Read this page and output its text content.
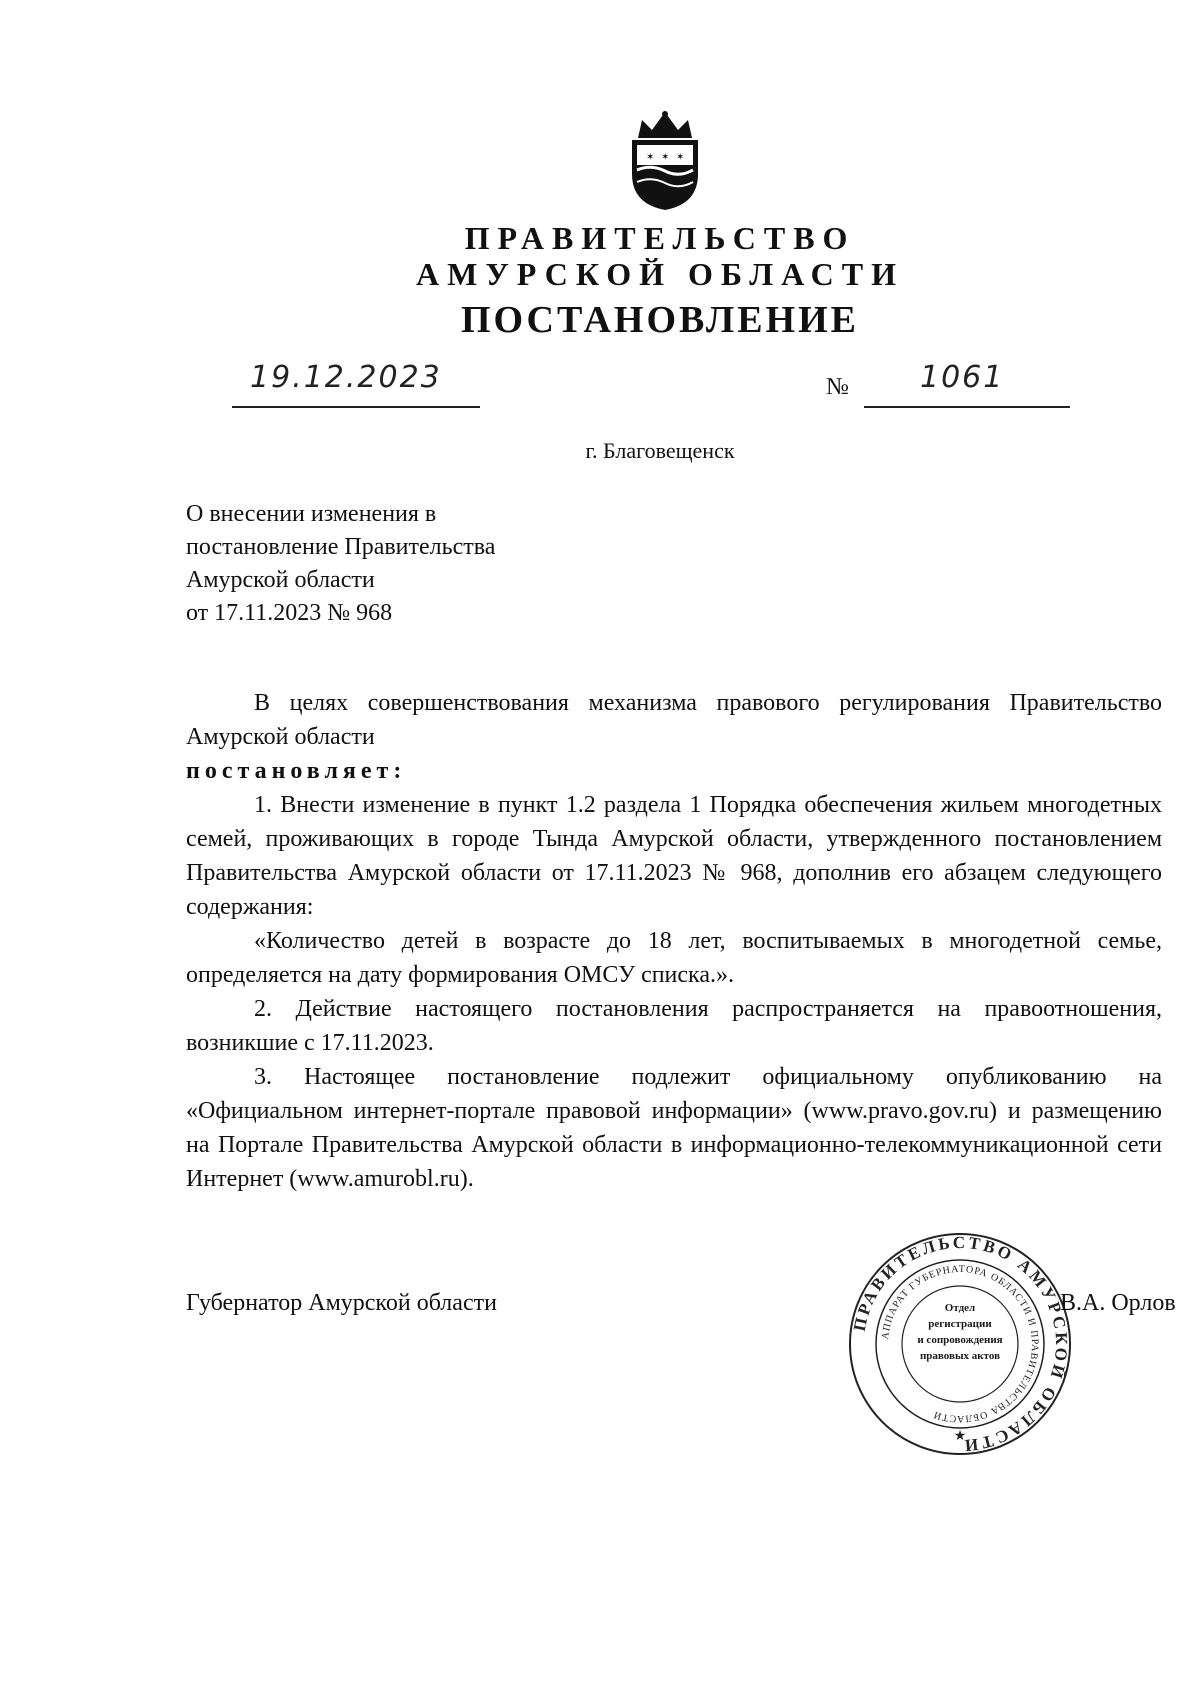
✶ ✶ ✶
ПРАВИТЕЛЬСТВО
АМУРСКОЙ ОБЛАСТИ
ПОСТАНОВЛЕНИЕ
19.12.2023	№ 1061
г. Благовещенск
О внесении изменения в
постановление Правительства
Амурской области
от 17.11.2023 № 968

В целях совершенствования механизма правового регулирования Правительство Амурской области

постановляет:

1. Внести изменение в пункт 1.2 раздела 1 Порядка обеспечения жильем многодетных семей, проживающих в городе Тында Амурской области, утвержденного постановлением Правительства Амурской области от 17.11.2023 № 968, дополнив его абзацем следующего содержания:

«Количество детей в возрасте до 18 лет, воспитываемых в многодетной семье, определяется на дату формирования ОМСУ списка.».

2. Действие настоящего постановления распространяется на правоотношения, возникшие с 17.11.2023.

3. Настоящее постановление подлежит официальному опубликованию на «Официальном интернет-портале правовой информации» (www.pravo.gov.ru) и размещению на Портале Правительства Амурской области в информационно-телекоммуникационной сети Интернет (www.amurobl.ru).

Губернатор Амурской области
ПРАВИТЕЛЬСТВО АМУРСКОЙ ОБЛАСТИ
АППАРАТ ГУБЕРНАТОРА ОБЛАСТИ И ПРАВИТЕЛЬСТВА ОБЛАСТИ
★
Отдел
регистрации
и сопровождения
правовых актов
В.А. Орлов
